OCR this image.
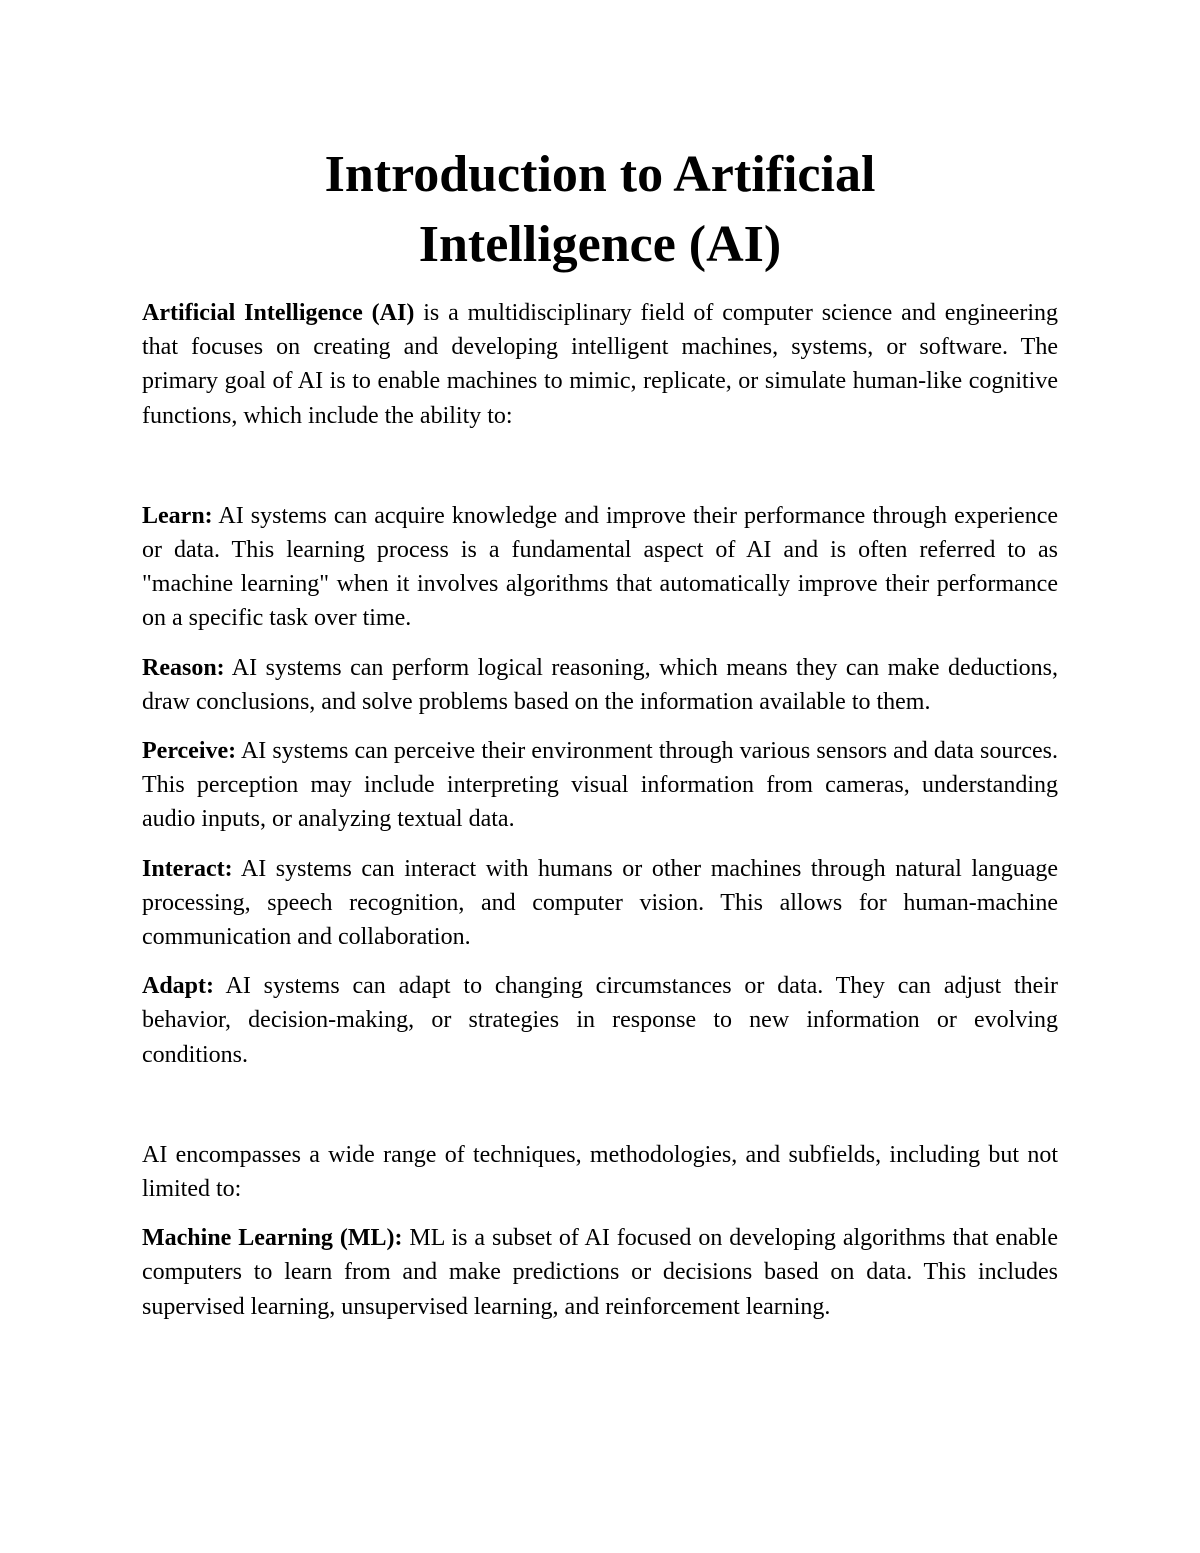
Introduction to Artificial
Intelligence (AI)

Artificial Intelligence (AI) is a multidisciplinary field of computer science and engineering that focuses on creating and developing intelligent machines, systems, or software. The primary goal of AI is to enable machines to mimic, replicate, or simulate human-like cognitive functions, which include the ability to:

Learn: AI systems can acquire knowledge and improve their performance through experience or data. This learning process is a fundamental aspect of AI and is often referred to as "machine learning" when it involves algorithms that automatically improve their performance on a specific task over time.

Reason: AI systems can perform logical reasoning, which means they can make deductions, draw conclusions, and solve problems based on the information available to them.

Perceive: AI systems can perceive their environment through various sensors and data sources. This perception may include interpreting visual information from cameras, understanding audio inputs, or analyzing textual data.

Interact: AI systems can interact with humans or other machines through natural language processing, speech recognition, and computer vision. This allows for human-machine communication and collaboration.

Adapt: AI systems can adapt to changing circumstances or data. They can adjust their behavior, decision-making, or strategies in response to new information or evolving conditions.

AI encompasses a wide range of techniques, methodologies, and subfields, including but not limited to:

Machine Learning (ML): ML is a subset of AI focused on developing algorithms that enable computers to learn from and make predictions or decisions based on data. This includes supervised learning, unsupervised learning, and reinforcement learning.
